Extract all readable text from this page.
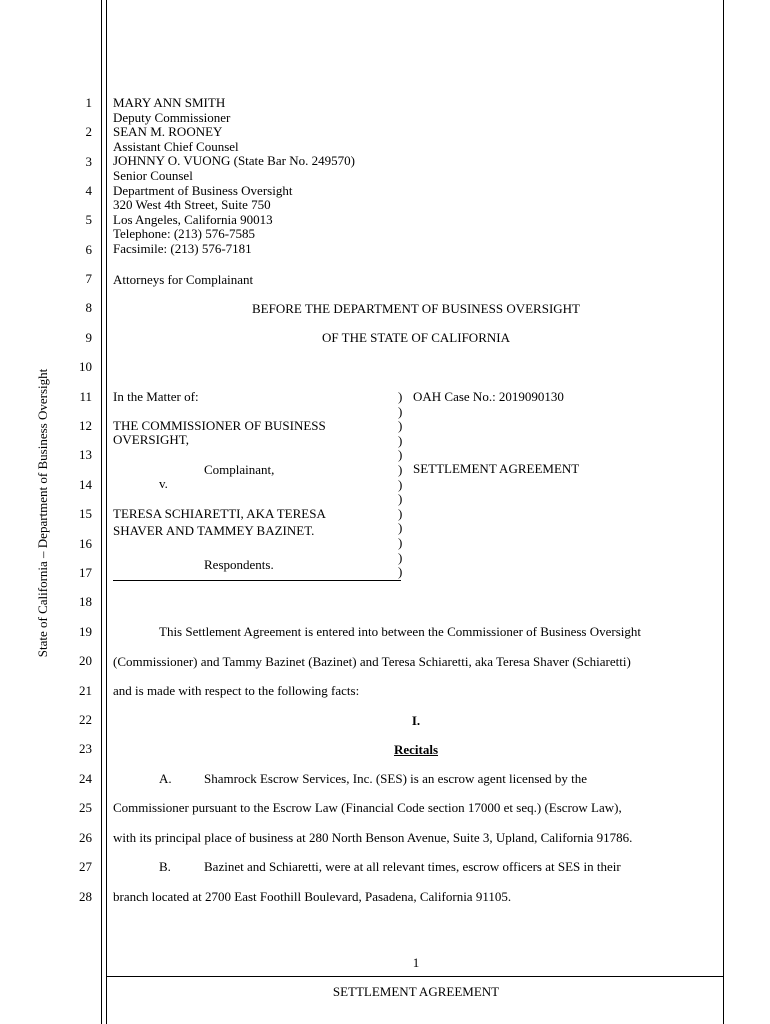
State of California – Department of Business Oversight
1
2
3
4
5
6
7
8
9
10
11
12
13
14
15
16
17
18
19
20
21
22
23
24
25
26
27
28
MARY ANN SMITH
Deputy Commissioner
SEAN M. ROONEY
Assistant Chief Counsel
JOHNNY O. VUONG (State Bar No. 249570)
Senior Counsel
Department of Business Oversight
320 West 4th Street, Suite 750
Los Angeles, California 90013
Telephone: (213) 576-7585
Facsimile: (213) 576-7181
Attorneys for Complainant
BEFORE THE DEPARTMENT OF BUSINESS OVERSIGHT
OF THE STATE OF CALIFORNIA
In the Matter of:
THE COMMISSIONER OF BUSINESS
OVERSIGHT,
Complainant,
v.
TERESA SCHIARETTI, AKA TERESA
SHAVER AND TAMMEY BAZINET.
Respondents.
)
)
)
)
)
)
)
)
)
)
)
)
)
OAH Case No.: 2019090130
SETTLEMENT AGREEMENT
This Settlement Agreement is entered into between the Commissioner of Business Oversight
(Commissioner) and Tammy Bazinet (Bazinet) and Teresa Schiaretti, aka Teresa Shaver (Schiaretti)
and is made with respect to the following facts:
I.
Recitals
A. Shamrock Escrow Services, Inc. (SES) is an escrow agent licensed by the
Commissioner pursuant to the Escrow Law (Financial Code section 17000 et seq.) (Escrow Law),
with its principal place of business at 280 North Benson Avenue, Suite 3, Upland, California 91786.
B.	Bazinet and Schiaretti, were at all relevant times, escrow officers at SES in their
branch located at 2700 East Foothill Boulevard, Pasadena, California 91105.
1
SETTLEMENT AGREEMENT
